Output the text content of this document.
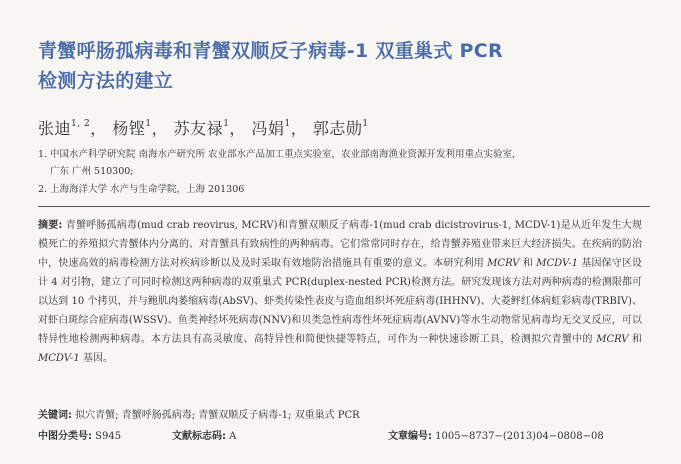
青蟹呼肠孤病毒和青蟹双顺反子病毒-1 双重巢式 PCR
检测方法的建立
张迪$^{1, 2}$， 杨铿$^1$， 苏友禄$^1$， 冯娟$^1$， 郭志勋$^1$
1. 中国水产科学研究院 南海水产研究所 农业部水产品加工重点实验室，农业部南海渔业资源开发利用重点实验室，
广东 广州 510300;
2. 上海海洋大学 水产与生命学院，上海 201306
摘要: 青蟹呼肠孤病毒(mud crab reovirus, MCRV)和青蟹双顺反子病毒-1(mud crab dicistrovirus-1, MCDV-1)是从近年发生大规模死亡的养殖拟穴青蟹体内分离的、对青蟹具有致病性的两种病毒。它们常常同时存在，给青蟹养殖业带来巨大经济损失。在疾病的防治中，快速高效的病毒检测方法对疾病诊断以及及时采取有效地防治措施具有重要的意义。本研究利用 MCRV 和 MCDV-1 基因保守区设计 4 对引物，建立了可同时检测这两种病毒的双重巢式 PCR(duplex-nested PCR)检测方法。研究发现该方法对两种病毒的检测限都可以达到 10 个拷贝，并与鲍肌肉萎缩病毒(AbSV)、虾类传染性表皮与造血组织坏死症病毒(IHHNV)、大菱鲆红体病虹彩病毒(TRBIV)、对虾白斑综合症病毒(WSSV)、鱼类神经坏死病毒(NNV)和贝类急性病毒性坏死症病毒(AVNV)等水生动物常见病毒均无交叉反应，可以特异性地检测两种病毒。本方法具有高灵敏度、高特异性和简便快捷等特点，可作为一种快速诊断工具，检测拟穴青蟹中的 MCRV 和 MCDV-1 基因。
关键词: 拟穴青蟹; 青蟹呼肠孤病毒; 青蟹双顺反子病毒-1; 双重巢式 PCR
中图分类号: S945	文献标志码: A	文章编号: 1005−8737−(2013)04−0808−08
